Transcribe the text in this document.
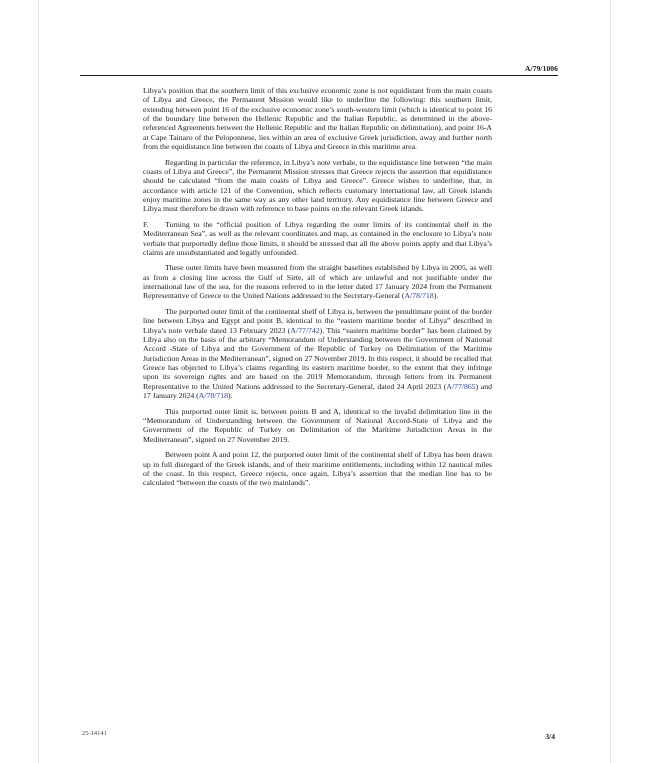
A/79/1006

Libya’s position that the southern limit of this exclusive economic zone is not equidistant from the main coasts of Libya and Greece, the Permanent Mission would like to underline the following: this southern limit, extending between point 16 of the exclusive economic zone’s south-western limit (which is identical to point 16 of the boundary line between the Hellenic Republic and the Italian Republic, as determined in the above-referenced Agreements between the Hellenic Republic and the Italian Republic on delimitation), and point 16-A at Cape Tainaro of the Peloponnese, lies within an area of exclusive Greek jurisdiction, away and further north from the equidistance line between the coasts of Libya and Greece in this maritime area.

Regarding in particular the reference, in Libya’s note verbale, to the equidistance line between “the main coasts of Libya and Greece”, the Permanent Mission stresses that Greece rejects the assertion that equidistance should be calculated “from the main coasts of Libya and Greece”. Greece wishes to underline, that, in accordance with article 121 of the Convention, which reflects customary international law, all Greek islands enjoy maritime zones in the same way as any other land territory. Any equidistance line between Greece and Libya must therefore be drawn with reference to base points on the relevant Greek islands.

F. Turning to the “official position of Libya regarding the outer limits of its continental shelf in the Mediterranean Sea”, as well as the relevant coordinates and map, as contained in the enclosure to Libya’s note verbale that purportedly define those limits, it should be stressed that all the above points apply and that Libya’s claims are unsubstantiated and legally unfounded.

These outer limits have been measured from the straight baselines established by Libya in 2005, as well as from a closing line across the Gulf of Sirte, all of which are unlawful and not justifiable under the international law of the sea, for the reasons referred to in the letter dated 17 January 2024 from the Permanent Representative of Greece to the United Nations addressed to the Secretary-General (A/78/718).

The purported outer limit of the continental shelf of Libya is, between the penultimate point of the border line between Libya and Egypt and point B, identical to the “eastern maritime border of Libya” described in Libya’s note verbale dated 13 February 2023 (A/77/742). This “eastern maritime border” has been claimed by Libya also on the basis of the arbitrary “Memorandum of Understanding between the Government of National Accord -State of Libya and the Government of the Republic of Turkey on Delimitation of the Maritime Jurisdiction Areas in the Mediterranean”, signed on 27 November 2019. In this respect, it should be recalled that Greece has objected to Libya’s claims regarding its eastern maritime border, to the extent that they infringe upon its sovereign rights and are based on the 2019 Memorandum, through letters from its Permanent Representative to the United Nations addressed to the Secretary-General, dated 24 April 2023 (A/77/865) and 17 January 2024 (A/78/718).

This purported outer limit is, between points B and A, identical to the invalid delimitation line in the “Memorandum of Understanding between the Government of National Accord-State of Libya and the Government of the Republic of Turkey on Delimitation of the Maritime Jurisdiction Areas in the Mediterranean”, signed on 27 November 2019.

Between point A and point 12, the purported outer limit of the continental shelf of Libya has been drawn up in full disregard of the Greek islands, and of their maritime entitlements, including within 12 nautical miles of the coast. In this respect, Greece rejects, once again, Libya’s assertion that the median line has to be calculated “between the coasts of the two mainlands”.

25-14141	3/4
